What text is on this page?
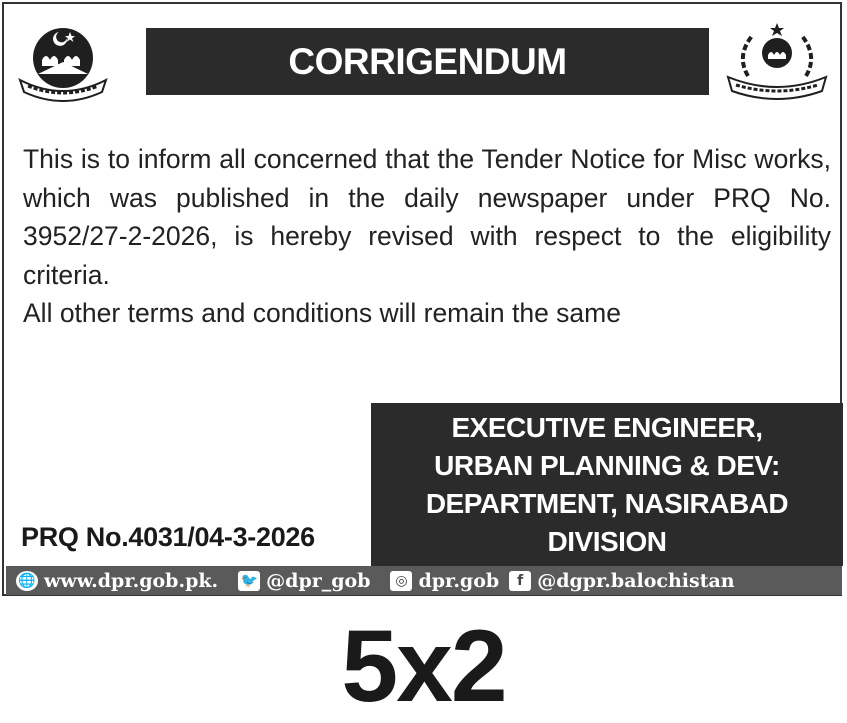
CORRIGENDUM

This is to inform all concerned that the Tender Notice for Misc works, which was published in the daily newspaper under PRQ No. 3952/27-2-2026, is hereby revised with respect to the eligibility criteria.

All other terms and conditions will remain the same

PRQ No.4031/04-3-2026
EXECUTIVE ENGINEER,
URBAN PLANNING & DEV:
DEPARTMENT, NASIRABAD
DIVISION
🌐 www.dpr.gob.pk. 🐦 @dpr_gob	◎ dpr.gob	f @dgpr.balochistan
5x2
